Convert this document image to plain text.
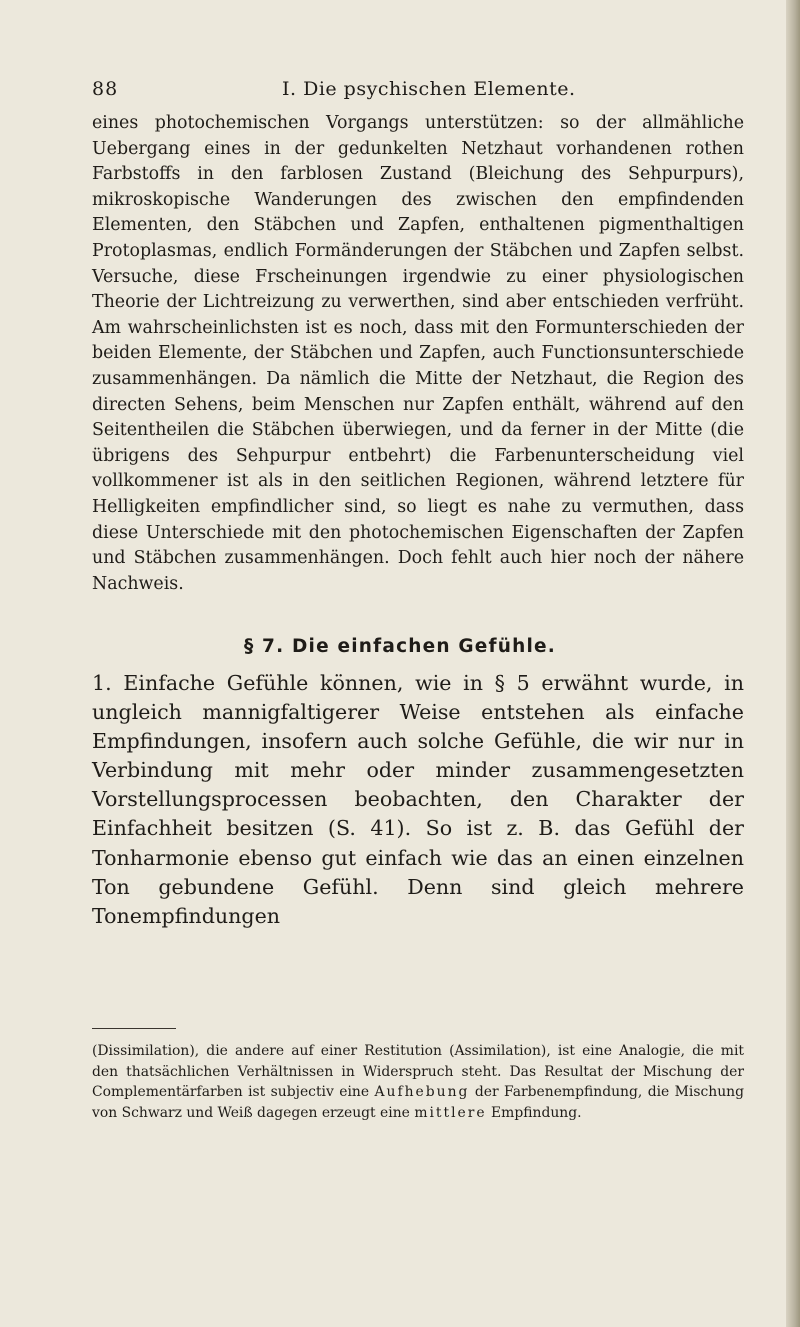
88	I. Die psychischen Elemente.

eines photochemischen Vorgangs unterstützen: so der allmähliche Uebergang eines in der gedunkelten Netzhaut vorhandenen rothen Farbstoffs in den farblosen Zustand (Bleichung des Sehpurpurs), mikroskopische Wanderungen des zwischen den empfindenden Elementen, den Stäbchen und Zapfen, enthaltenen pigmenthaltigen Protoplasmas, endlich Formänderungen der Stäbchen und Zapfen selbst. Versuche, diese Frscheinungen irgendwie zu einer physiologischen Theorie der Lichtreizung zu verwerthen, sind aber entschieden verfrüht. Am wahrscheinlichsten ist es noch, dass mit den Formunterschieden der beiden Elemente, der Stäbchen und Zapfen, auch Functionsunterschiede zusammenhängen. Da nämlich die Mitte der Netzhaut, die Region des directen Sehens, beim Menschen nur Zapfen enthält, während auf den Seitentheilen die Stäbchen überwiegen, und da ferner in der Mitte (die übrigens des Sehpurpur entbehrt) die Farbenunterscheidung viel vollkommener ist als in den seitlichen Regionen, während letztere für Helligkeiten empfindlicher sind, so liegt es nahe zu vermuthen, dass diese Unterschiede mit den photochemischen Eigenschaften der Zapfen und Stäbchen zusammenhängen. Doch fehlt auch hier noch der nähere Nachweis.

§ 7. Die einfachen Gefühle.

1. Einfache Gefühle können, wie in § 5 erwähnt wurde, in ungleich mannigfaltigerer Weise entstehen als einfache Empfindungen, insofern auch solche Gefühle, die wir nur in Verbindung mit mehr oder minder zusammengesetzten Vorstellungsprocessen beobachten, den Charakter der Einfachheit besitzen (S. 41). So ist z. B. das Gefühl der Tonharmonie ebenso gut einfach wie das an einen einzelnen Ton gebundene Gefühl. Denn sind gleich mehrere Tonempfindungen

(Dissimilation), die andere auf einer Restitution (Assimilation), ist eine Analogie, die mit den thatsächlichen Verhältnissen in Widerspruch steht. Das Resultat der Mischung der Complementärfarben ist subjectiv eine Aufhebung der Farbenempfindung, die Mischung von Schwarz und Weiß dagegen erzeugt eine mittlere Empfindung.
